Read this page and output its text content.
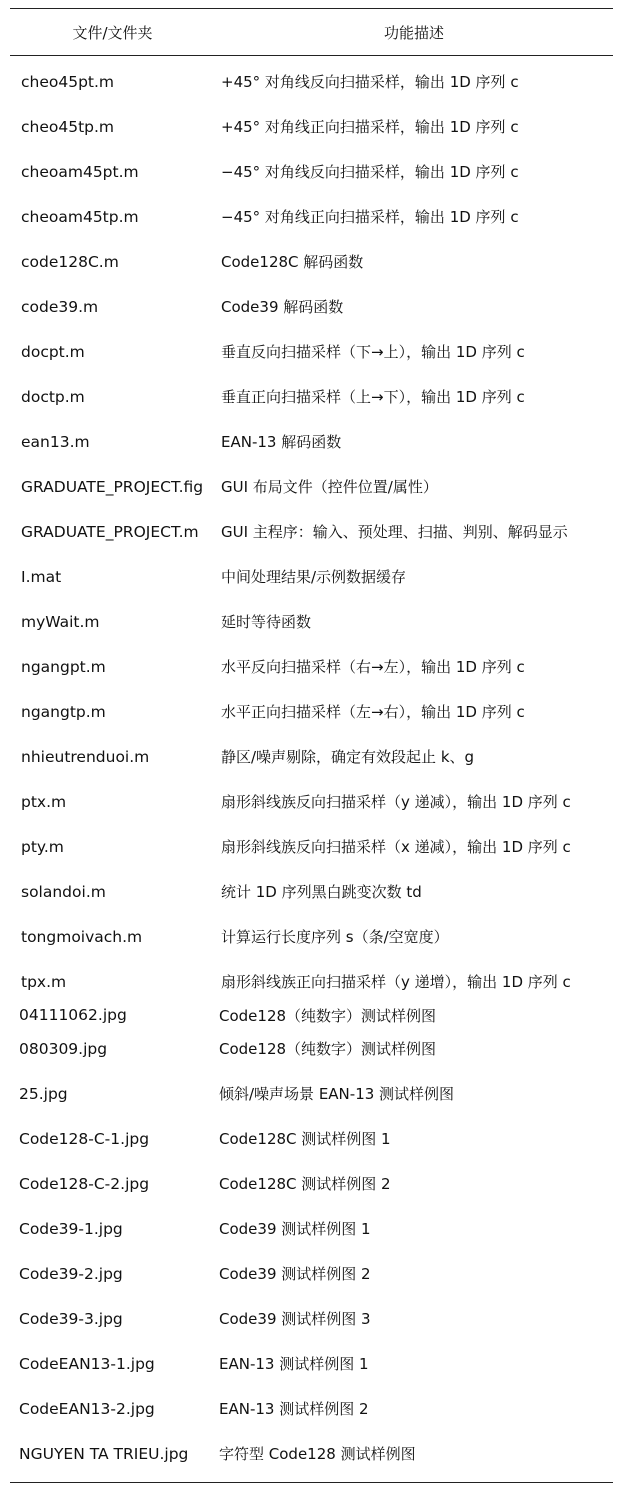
文件/文件夹	功能描述
cheo45pt.m	+45° 对角线反向扫描采样，输出 1D 序列 c
cheo45tp.m	+45° 对角线正向扫描采样，输出 1D 序列 c
cheoam45pt.m	−45° 对角线反向扫描采样，输出 1D 序列 c
cheoam45tp.m	−45° 对角线正向扫描采样，输出 1D 序列 c
code128C.m	Code128C 解码函数
code39.m	Code39 解码函数
docpt.m	垂直反向扫描采样（下→上），输出 1D 序列 c
doctp.m	垂直正向扫描采样（上→下），输出 1D 序列 c
ean13.m	EAN-13 解码函数
GRADUATE_PROJECT.fig	GUI 布局文件（控件位置/属性）
GRADUATE_PROJECT.m	GUI 主程序：输入、预处理、扫描、判别、解码显示
I.mat	中间处理结果/示例数据缓存
myWait.m	延时等待函数
ngangpt.m	水平反向扫描采样（右→左），输出 1D 序列 c
ngangtp.m	水平正向扫描采样（左→右），输出 1D 序列 c
nhieutrenduoi.m	静区/噪声剔除，确定有效段起止 k、g
ptx.m	扇形斜线族反向扫描采样（y 递减），输出 1D 序列 c
pty.m	扇形斜线族反向扫描采样（x 递减），输出 1D 序列 c
solandoi.m	统计 1D 序列黑白跳变次数 td
tongmoivach.m	计算运行长度序列 s（条/空宽度）
tpx.m	扇形斜线族正向扫描采样（y 递增），输出 1D 序列 c
04111062.jpg	Code128（纯数字）测试样例图
080309.jpg	Code128（纯数字）测试样例图
25.jpg	倾斜/噪声场景 EAN-13 测试样例图
Code128-C-1.jpg	Code128C 测试样例图 1
Code128-C-2.jpg	Code128C 测试样例图 2
Code39-1.jpg	Code39 测试样例图 1
Code39-2.jpg	Code39 测试样例图 2
Code39-3.jpg	Code39 测试样例图 3
CodeEAN13-1.jpg	EAN-13 测试样例图 1
CodeEAN13-2.jpg	EAN-13 测试样例图 2
NGUYEN TA TRIEU.jpg	字符型 Code128 测试样例图
